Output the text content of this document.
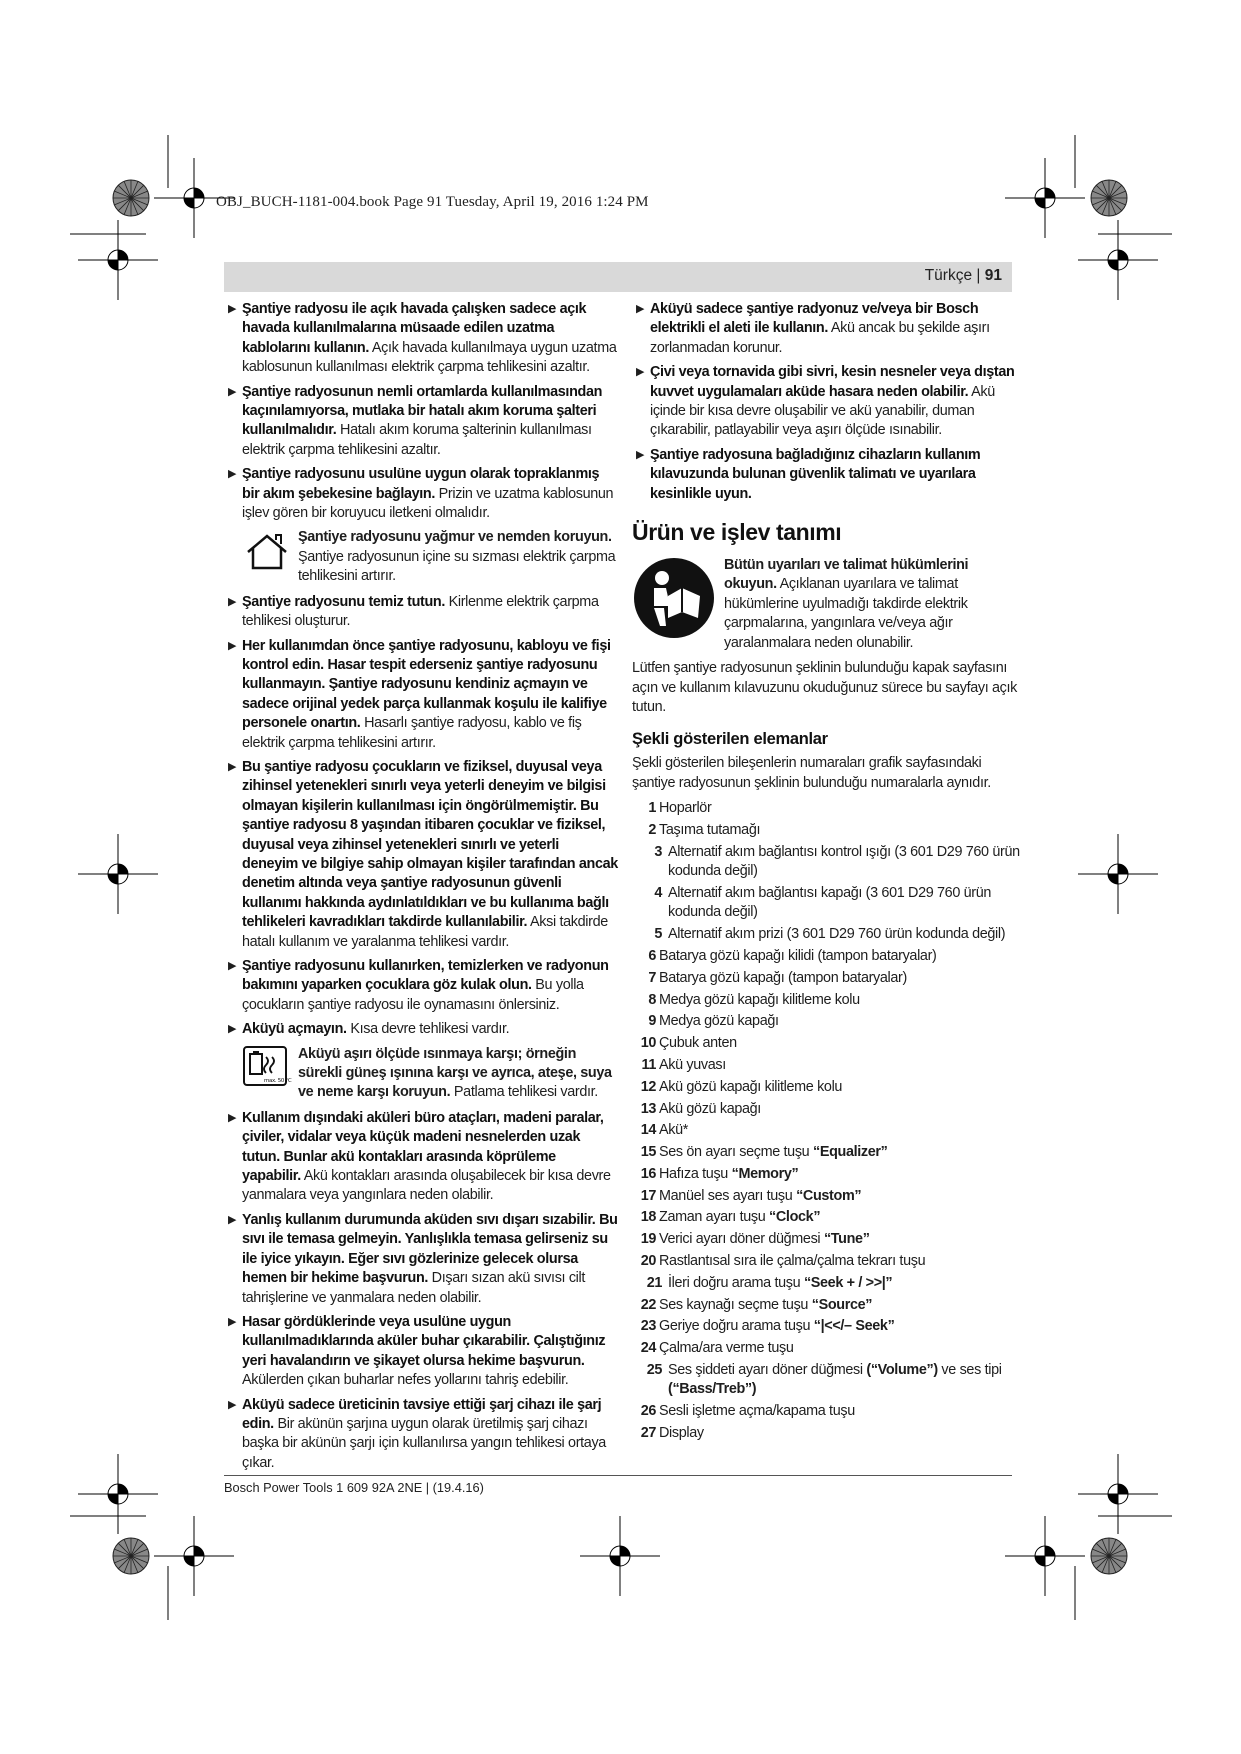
OBJ_BUCH-1181-004.book Page 91 Tuesday, April 19, 2016 1:24 PM
Türkçe | 91
▶ Şantiye radyosu ile açık havada çalışken sadece açık havada kullanılmalarına müsaade edilen uzatma kablolarını kullanın. Açık havada kullanılmaya uygun uzatma kablosunun kullanılması elektrik çarpma tehlikesini azaltır.
▶ Şantiye radyosunun nemli ortamlarda kullanılmasından kaçınılamıyorsa, mutlaka bir hatalı akım koruma şalteri kullanılmalıdır. Hatalı akım koruma şalterinin kullanılması elektrik çarpma tehlikesini azaltır.
▶ Şantiye radyosunu usulüne uygun olarak topraklanmış bir akım şebekesine bağlayın. Prizin ve uzatma kablosunun işlev gören bir koruyucu iletkeni olmalıdır.
Şantiye radyosunu yağmur ve nemden koruyun. Şantiye radyosunun içine su sızması elektrik çarpma tehlikesini artırır.
▶ Şantiye radyosunu temiz tutun. Kirlenme elektrik çarpma tehlikesi oluşturur.
▶ Her kullanımdan önce şantiye radyosunu, kabloyu ve fişi kontrol edin. Hasar tespit ederseniz şantiye radyosunu kullanmayın. Şantiye radyosunu kendiniz açmayın ve sadece orijinal yedek parça kullanmak koşulu ile kalifiye personele onartın. Hasarlı şantiye radyosu, kablo ve fiş elektrik çarpma tehlikesini artırır.
▶ Bu şantiye radyosu çocukların ve fiziksel, duyusal veya zihinsel yetenekleri sınırlı veya yeterli deneyim ve bilgisi olmayan kişilerin kullanılması için öngörülmemiştir. Bu şantiye radyosu 8 yaşından itibaren çocuklar ve fiziksel, duyusal veya zihinsel yetenekleri sınırlı ve yeterli deneyim ve bilgiye sahip olmayan kişiler tarafından ancak denetim altında veya şantiye radyosunun güvenli kullanımı hakkında aydınlatıldıkları ve bu kullanıma bağlı tehlikeleri kavradıkları takdirde kullanılabilir. Aksi takdirde hatalı kullanım ve yaralanma tehlikesi vardır.
▶ Şantiye radyosunu kullanırken, temizlerken ve radyonun bakımını yaparken çocuklara göz kulak olun. Bu yolla çocukların şantiye radyosu ile oynamasını önlersiniz.
▶ Aküyü açmayın. Kısa devre tehlikesi vardır.
max. 50 °C
Aküyü aşırı ölçüde ısınmaya karşı; örneğin sürekli güneş ışınına karşı ve ayrıca, ateşe, suya ve neme karşı koruyun. Patlama tehlikesi vardır.
▶ Kullanım dışındaki aküleri büro ataçları, madeni paralar, çiviler, vidalar veya küçük madeni nesnelerden uzak tutun. Bunlar akü kontakları arasında köprüleme yapabilir. Akü kontakları arasında oluşabilecek bir kısa devre yanmalara veya yangınlara neden olabilir.
▶ Yanlış kullanım durumunda aküden sıvı dışarı sızabilir. Bu sıvı ile temasa gelmeyin. Yanlışlıkla temasa gelirseniz su ile iyice yıkayın. Eğer sıvı gözlerinize gelecek olursa hemen bir hekime başvurun. Dışarı sızan akü sıvısı cilt tahrişlerine ve yanmalara neden olabilir.
▶ Hasar gördüklerinde veya usulüne uygun kullanılmadıklarında aküler buhar çıkarabilir. Çalıştığınız yeri havalandırın ve şikayet olursa hekime başvurun. Akülerden çıkan buharlar nefes yollarını tahriş edebilir.
▶ Aküyü sadece üreticinin tavsiye ettiği şarj cihazı ile şarj edin. Bir akünün şarjına uygun olarak üretilmiş şarj cihazı başka bir akünün şarjı için kullanılırsa yangın tehlikesi ortaya çıkar.
▶ Aküyü sadece şantiye radyonuz ve/veya bir Bosch elektrikli el aleti ile kullanın. Akü ancak bu şekilde aşırı zorlanmadan korunur.
▶ Çivi veya tornavida gibi sivri, kesin nesneler veya dıştan kuvvet uygulamaları aküde hasara neden olabilir. Akü içinde bir kısa devre oluşabilir ve akü yanabilir, duman çıkarabilir, patlayabilir veya aşırı ölçüde ısınabilir.
▶ Şantiye radyosuna bağladığınız cihazların kullanım kılavuzunda bulunan güvenlik talimatı ve uyarılara kesinlikle uyun.
Ürün ve işlev tanımı
Bütün uyarıları ve talimat hükümlerini okuyun. Açıklanan uyarılara ve talimat hükümlerine uyulmadığı takdirde elektrik çarpmalarına, yangınlara ve/veya ağır yaralanmalara neden olunabilir.
Lütfen şantiye radyosunun şeklinin bulunduğu kapak sayfasını açın ve kullanım kılavuzunu okuduğunuz sürece bu sayfayı açık tutun.
Şekli gösterilen elemanlar
Şekli gösterilen bileşenlerin numaraları grafik sayfasındaki şantiye radyosunun şeklinin bulunduğu numaralarla aynıdır.
1 Hoparlör
2 Taşıma tutamağı
3 Alternatif akım bağlantısı kontrol ışığı (3 601 D29 760 ürün kodunda değil)
4 Alternatif akım bağlantısı kapağı (3 601 D29 760 ürün kodunda değil)
5 Alternatif akım prizi (3 601 D29 760 ürün kodunda değil)
6 Batarya gözü kapağı kilidi (tampon bataryalar)
7 Batarya gözü kapağı (tampon bataryalar)
8 Medya gözü kapağı kilitleme kolu
9 Medya gözü kapağı
10 Çubuk anten
11 Akü yuvası
12 Akü gözü kapağı kilitleme kolu
13 Akü gözü kapağı
14 Akü*
15 Ses ön ayarı seçme tuşu “Equalizer”
16 Hafıza tuşu “Memory”
17 Manüel ses ayarı tuşu “Custom”
18 Zaman ayarı tuşu “Clock”
19 Verici ayarı döner düğmesi “Tune”
20 Rastlantısal sıra ile çalma/çalma tekrarı tuşu
21 İleri doğru arama tuşu “Seek + / >>|”
22 Ses kaynağı seçme tuşu “Source”
23 Geriye doğru arama tuşu “|<</– Seek”
24 Çalma/ara verme tuşu
25 Ses şiddeti ayarı döner düğmesi (“Volume”) ve ses tipi (“Bass/Treb”)
26 Sesli işletme açma/kapama tuşu
27 Display
Bosch Power Tools 1 609 92A 2NE | (19.4.16)
